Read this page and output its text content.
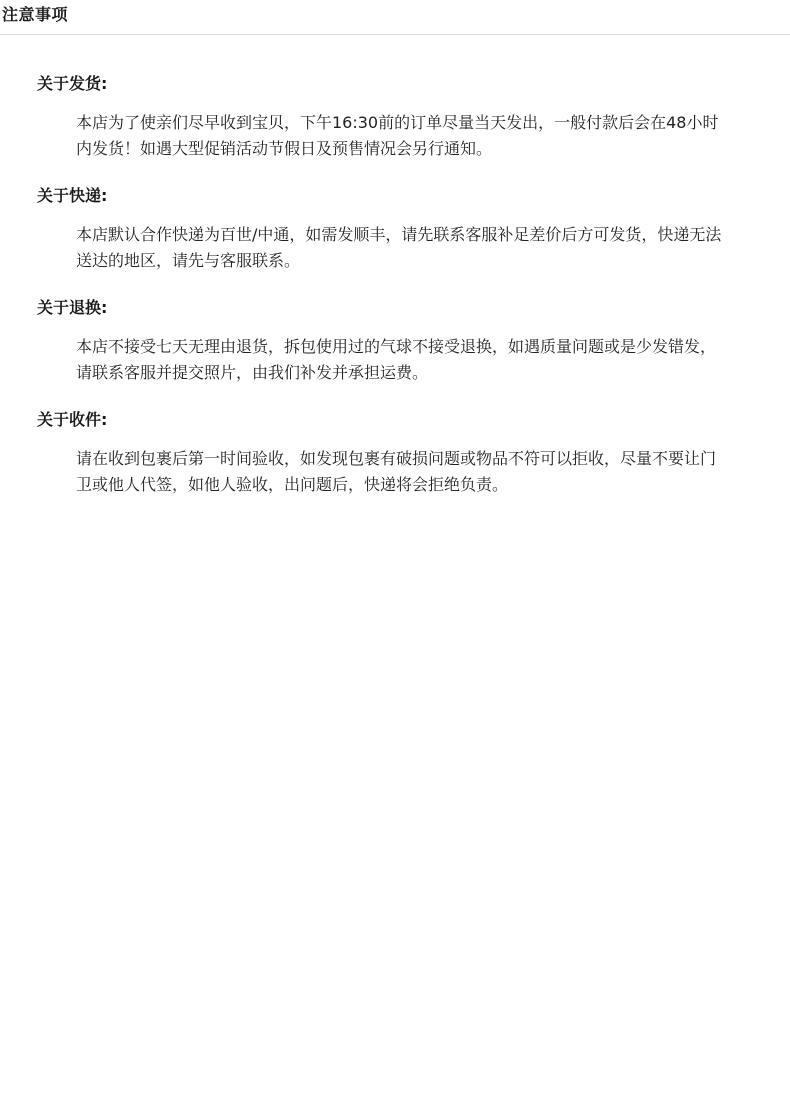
注意事项
关于发货:
本店为了使亲们尽早收到宝贝，下午16:30前的订单尽量当天发出，一般付款后会在48小时内发货！如遇大型促销活动节假日及预售情况会另行通知。
关于快递:
本店默认合作快递为百世/中通，如需发顺丰，请先联系客服补足差价后方可发货，快递无法送达的地区，请先与客服联系。
关于退换:
本店不接受七天无理由退货，拆包使用过的气球不接受退换，如遇质量问题或是少发错发，请联系客服并提交照片，由我们补发并承担运费。
关于收件:
请在收到包裹后第一时间验收，如发现包裹有破损问题或物品不符可以拒收，尽量不要让门卫或他人代签，如他人验收，出问题后，快递将会拒绝负责。
